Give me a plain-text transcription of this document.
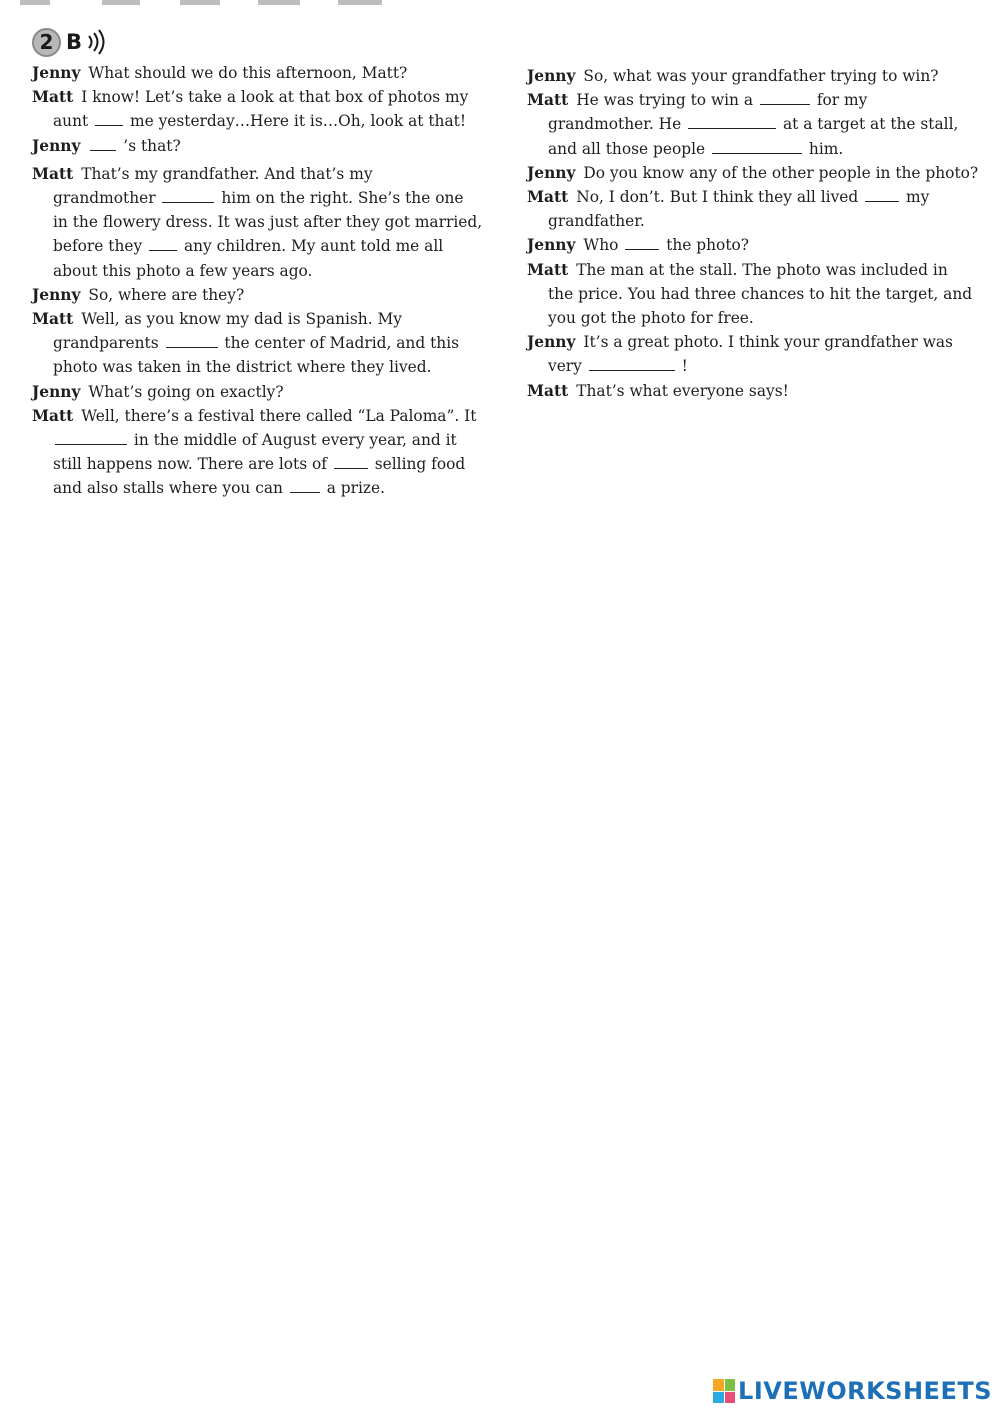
2 B
Jenny What should we do this afternoon, Matt?
Matt I know! Let’s take a look at that box of photos my
aunt  me yesterday…Here it is…Oh, look at that!
Jenny ’s that?
Matt That’s my grandfather. And that’s my
grandmother	him on the right. She’s the one
in the flowery dress. It was just after they got married,
before they  any children. My aunt told me all
about this photo a few years ago.
Jenny So, where are they?
Matt Well, as you know my dad is Spanish. My
grandparents	the center of Madrid, and this
photo was taken in the district where they lived.
Jenny What’s going on exactly?
Matt Well, there’s a festival there called “La Paloma”. It
in the middle of August every year, and it
still happens now. There are lots of  selling food
and also stalls where you can  a prize.
Jenny So, what was your grandfather trying to win?
Matt He was trying to win a	for my
grandmother. He	at a target at the stall,
and all those people	him.
Jenny Do you know any of the other people in the photo?
Matt No, I don’t. But I think they all lived  my
grandfather.
Jenny Who  the photo?
Matt The man at the stall. The photo was included in
the price. You had three chances to hit the target, and
you got the photo for free.
Jenny It’s a great photo. I think your grandfather was
very	!
Matt That’s what everyone says!
LIVEWORKSHEETS
